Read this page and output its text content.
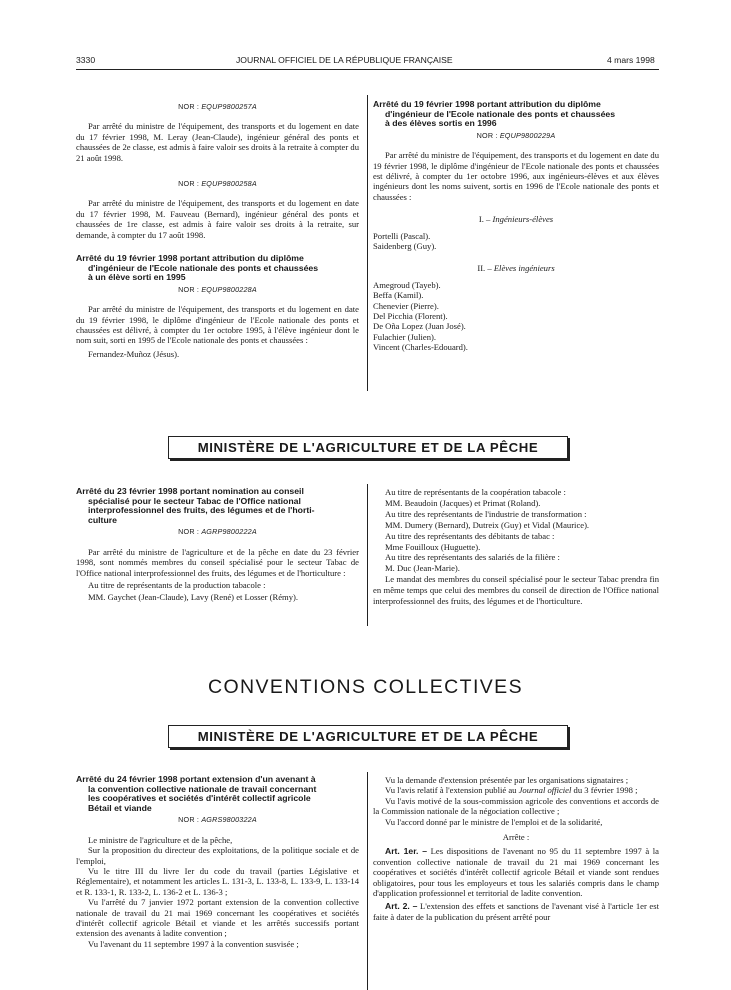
3330	JOURNAL OFFICIEL DE LA RÉPUBLIQUE FRANÇAISE	4 mars 1998
NOR : EQUP9800257A

Par arrêté du ministre de l'équipement, des transports et du logement en date du 17 février 1998, M. Leray (Jean-Claude), ingénieur général des ponts et chaussées de 2e classe, est admis à faire valoir ses droits à la retraite à compter du 21 août 1998.

NOR : EQUP9800258A

Par arrêté du ministre de l'équipement, des transports et du logement en date du 17 février 1998, M. Fauveau (Bernard), ingénieur général des ponts et chaussées de 1re classe, est admis à faire valoir ses droits à la retraite, sur demande, à compter du 17 août 1998.

Arrêté du 19 février 1998 portant attribution du diplôme
d'ingénieur de l'Ecole nationale des ponts et chaussées
à un élève sorti en 1995
NOR : EQUP9800228A

Par arrêté du ministre de l'équipement, des transports et du logement en date du 19 février 1998, le diplôme d'ingénieur de l'Ecole nationale des ponts et chaussées est délivré, à compter du 1er octobre 1995, à l'élève ingénieur dont le nom suit, sorti en 1995 de l'Ecole nationale des ponts et chaussées :

Fernandez-Muñoz (Jésus).

Arrêté du 19 février 1998 portant attribution du diplôme
d'ingénieur de l'Ecole nationale des ponts et chaussées
à des élèves sortis en 1996
NOR : EQUP9800229A

Par arrêté du ministre de l'équipement, des transports et du logement en date du 19 février 1998, le diplôme d'ingénieur de l'Ecole nationale des ponts et chaussées est délivré, à compter du 1er octobre 1996, aux ingénieurs-élèves et aux élèves ingénieurs dont les noms suivent, sortis en 1996 de l'Ecole nationale des ponts et chaussées :

I. – Ingénieurs-élèves

Portelli (Pascal).

Saidenberg (Guy).

II. – Elèves ingénieurs

Amegroud (Tayeb).

Beffa (Kamil).

Chenevier (Pierre).

Del Picchia (Florent).

De Oña Lopez (Juan José).

Fulachier (Julien).

Vincent (Charles-Edouard).

MINISTÈRE DE L'AGRICULTURE ET DE LA PÊCHE
Arrêté du 23 février 1998 portant nomination au conseil
spécialisé pour le secteur Tabac de l'Office national
interprofessionnel des fruits, des légumes et de l'horti-
culture
NOR : AGRP9800222A

Par arrêté du ministre de l'agriculture et de la pêche en date du 23 février 1998, sont nommés membres du conseil spécialisé pour le secteur Tabac de l'Office national interprofessionnel des fruits, des légumes et de l'horticulture :

Au titre de représentants de la production tabacole :

MM. Gaychet (Jean-Claude), Lavy (René) et Losser (Rémy).

Au titre de représentants de la coopération tabacole :

MM. Beaudoin (Jacques) et Primat (Roland).

Au titre des représentants de l'industrie de transformation :

MM. Dumery (Bernard), Dutreix (Guy) et Vidal (Maurice).

Au titre des représentants des débitants de tabac :

Mme Fouilloux (Huguette).

Au titre des représentants des salariés de la filière :

M. Duc (Jean-Marie).

Le mandat des membres du conseil spécialisé pour le secteur Tabac prendra fin en même temps que celui des membres du conseil de direction de l'Office national interprofessionnel des fruits, des légumes et de l'horticulture.

CONVENTIONS COLLECTIVES
MINISTÈRE DE L'AGRICULTURE ET DE LA PÊCHE
Arrêté du 24 février 1998 portant extension d'un avenant à
la convention collective nationale de travail concernant
les coopératives et sociétés d'intérêt collectif agricole
Bétail et viande
NOR : AGRS9800322A

Le ministre de l'agriculture et de la pêche,

Sur la proposition du directeur des exploitations, de la politique sociale et de l'emploi,

Vu le titre III du livre Ier du code du travail (parties Législative et Réglementaire), et notamment les articles L. 131-3, L. 133-8, L. 133-9, L. 133-14 et R. 133-1, R. 133-2, L. 136-2 et L. 136-3 ;

Vu l'arrêté du 7 janvier 1972 portant extension de la convention collective nationale de travail du 21 mai 1969 concernant les coopératives et sociétés d'intérêt collectif agricole Bétail et viande et les arrêtés successifs portant extension des avenants à ladite convention ;

Vu l'avenant du 11 septembre 1997 à la convention susvisée ;

Vu la demande d'extension présentée par les organisations signataires ;

Vu l'avis relatif à l'extension publié au Journal officiel du 3 février 1998 ;

Vu l'avis motivé de la sous-commission agricole des conventions et accords de la Commission nationale de la négociation collective ;

Vu l'accord donné par le ministre de l'emploi et de la solidarité,

Arrête :

Art. 1er. – Les dispositions de l'avenant no 95 du 11 septembre 1997 à la convention collective nationale de travail du 21 mai 1969 concernant les coopératives et sociétés d'intérêt collectif agricole Bétail et viande sont rendues obligatoires, pour tous les employeurs et tous les salariés compris dans le champ d'application professionnel et territorial de ladite convention.

Art. 2. – L'extension des effets et sanctions de l'avenant visé à l'article 1er est faite à dater de la publication du présent arrêté pour
